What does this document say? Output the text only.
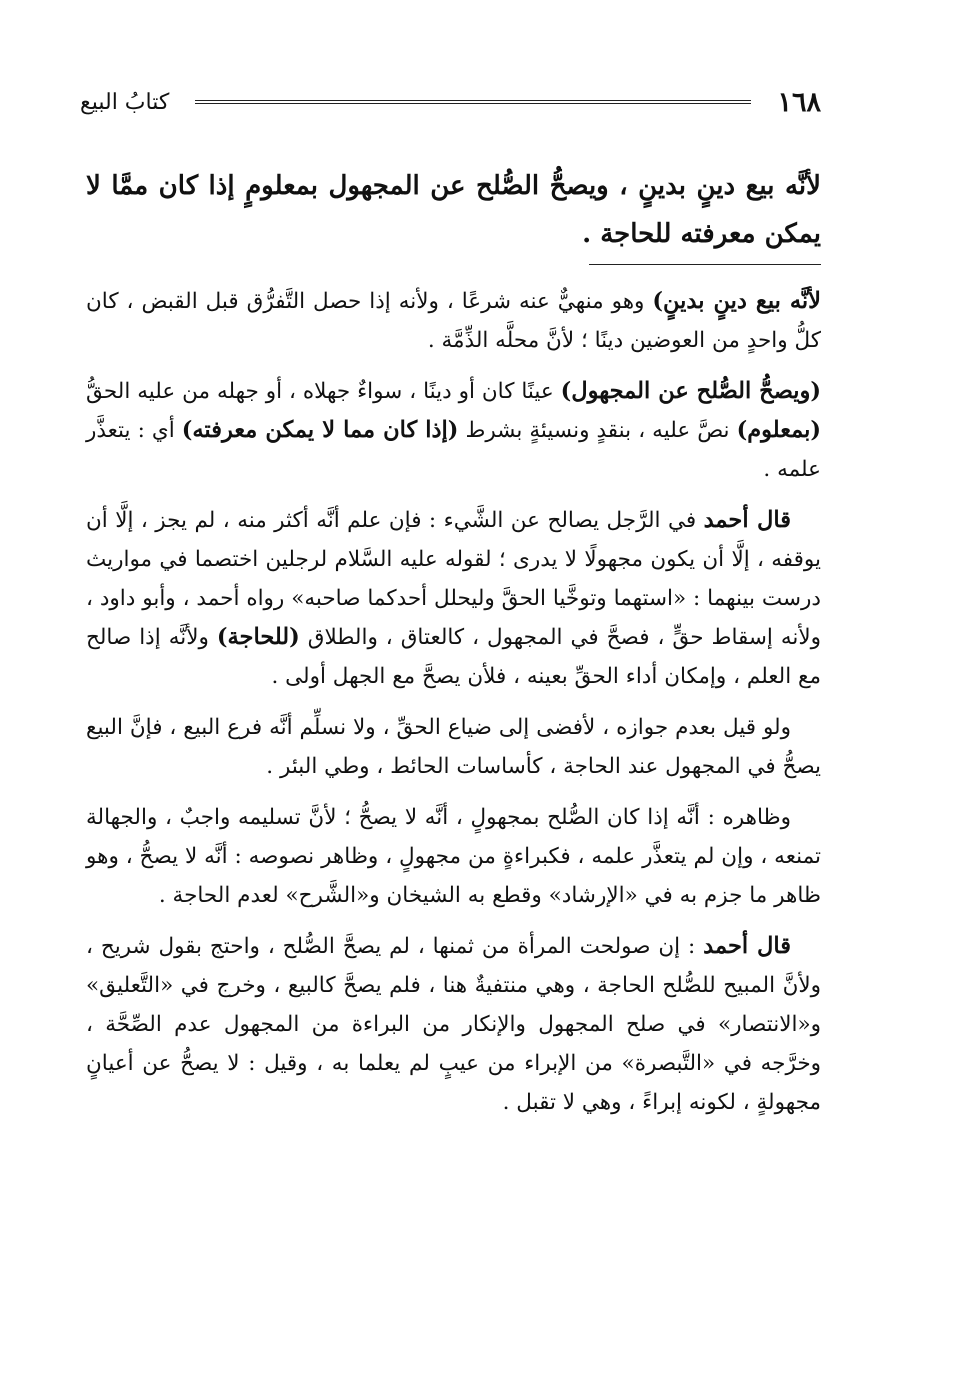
١٦٨
كتابُ البيع
لأنَّه بيع دينٍ بدينٍ ، ويصحُّ الصُّلح عن المجهول بمعلومٍ إذا كان ممَّا لا يمكن معرفته للحاجة .

لأنَّه بيع دينٍ بدينٍ) وهو منهيٌّ عنه شرعًا ، ولأنه إذا حصل التَّفرُّق قبل القبض ، كان كلُّ واحدٍ من العوضين دينًا ؛ لأنَّ محلَّه الذِّمَّة .

(ويصحُّ الصُّلح عن المجهول) عينًا كان أو دينًا ، سواءٌ جهلاه ، أو جهله من عليه الحقُّ (بمعلوم) نصَّ عليه ، بنقدٍ ونسيئةٍ بشرط (إذا كان مما لا يمكن معرفته) أي : يتعذَّر علمه .

قال أحمد في الرَّجل يصالح عن الشَّيء : فإن علم أنَّه أكثر منه ، لم يجز ، إلَّا أن يوقفه ، إلَّا أن يكون مجهولًا لا يدرى ؛ لقوله عليه السَّلام لرجلين اختصما في مواريث درست بينهما : «استهما وتوخَّيا الحقَّ وليحلل أحدكما صاحبه» رواه أحمد ، وأبو داود ، ولأنه إسقاط حقٍّ ، فصحَّ في المجهول ، كالعتاق ، والطلاق (للحاجة) ولأنَّه إذا صالح مع العلم ، وإمكان أداء الحقِّ بعينه ، فلأن يصحَّ مع الجهل أولى .

ولو قيل بعدم جوازه ، لأفضى إلى ضياع الحقِّ ، ولا نسلِّم أنَّه فرع البيع ، فإنَّ البيع يصحُّ في المجهول عند الحاجة ، كأساسات الحائط ، وطي البئر .

وظاهره : أنَّه إذا كان الصُّلح بمجهولٍ ، أنَّه لا يصحُّ ؛ لأنَّ تسليمه واجبٌ ، والجهالة تمنعه ، وإن لم يتعذَّر علمه ، فكبراءةٍ من مجهولٍ ، وظاهر نصوصه : أنَّه لا يصحُّ ، وهو ظاهر ما جزم به في «الإرشاد» وقطع به الشيخان و«الشَّرح» لعدم الحاجة .

قال أحمد : إن صولحت المرأة من ثمنها ، لم يصحَّ الصُّلح ، واحتج بقول شريح ، ولأنَّ المبيح للصُّلح الحاجة ، وهي منتفيةٌ هنا ، فلم يصحَّ كالبيع ، وخرج في «التَّعليق» و«الانتصار» في صلح المجهول والإنكار من البراءة من المجهول عدم الصِّحَّة ، وخرَّجه في «التَّبصرة» من الإبراء من عيبٍ لم يعلما به ، وقيل : لا يصحُّ عن أعيانٍ مجهولةٍ ، لكونه إبراءً ، وهي لا تقبل .
